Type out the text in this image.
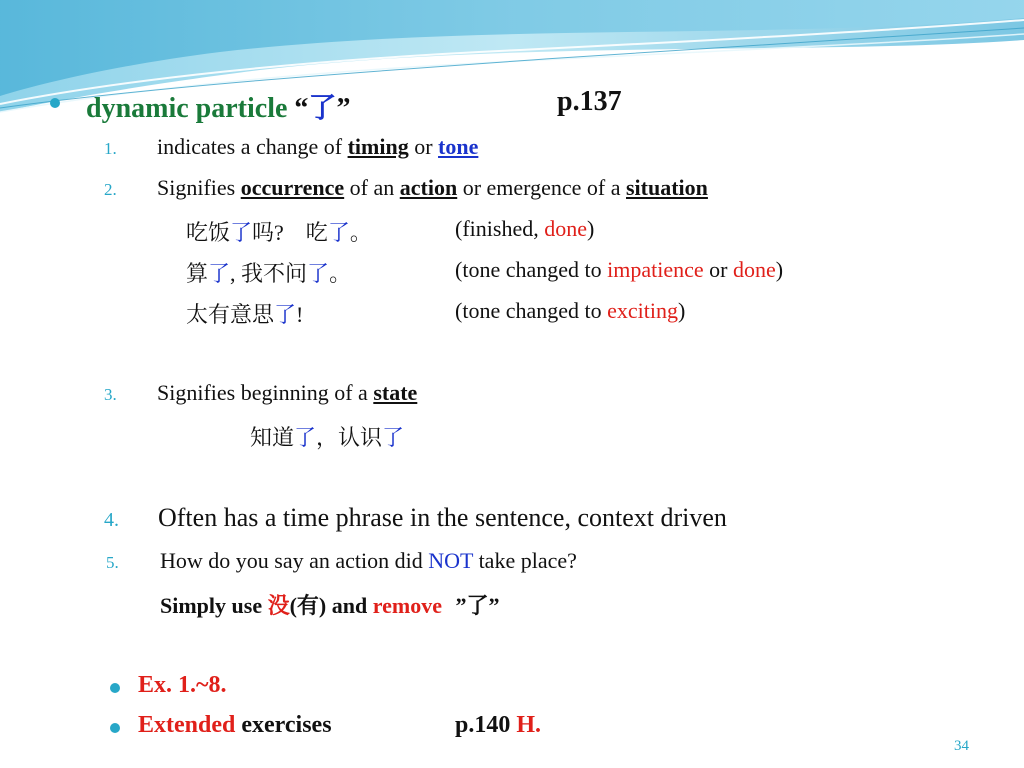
dynamic particle “了”	p.137
1. indicates a change of timing or tone
2. Signifies occurrence of an action or emergence of a situation
吃饭了吗? 吃了。	(finished, done)
算了, 我不问了。	(tone changed to impatience or done)
太有意思了!	(tone changed to exciting)
3. Signifies beginning of a state
知道了，认识了
4. Often has a time phrase in the sentence, context driven
5. How do you say an action did NOT take place?
Simply use 没(有) and remove ”了”
Ex. 1.~8.
Extended exercises	p.140 H.
34
